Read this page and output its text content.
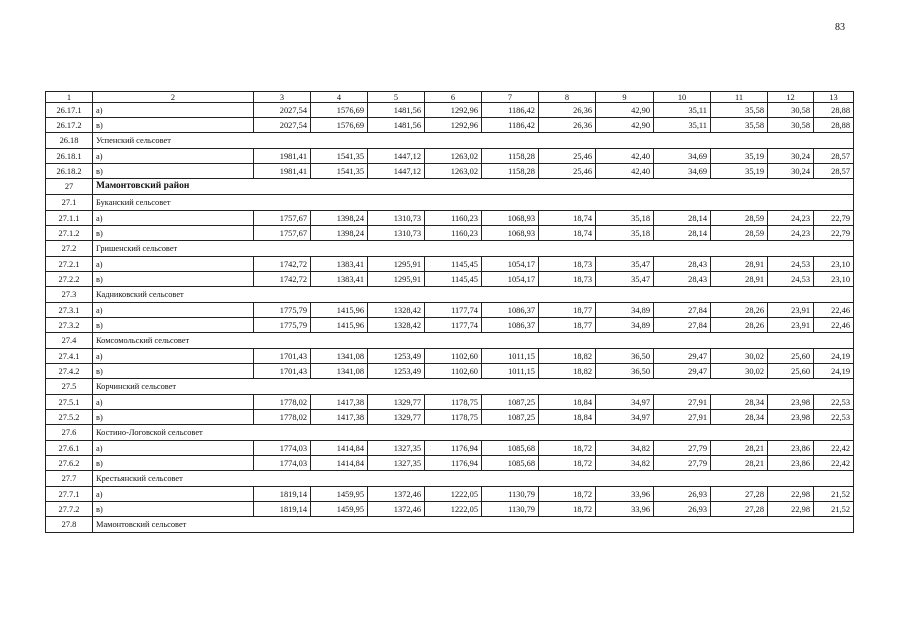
83
1	2	3	4	5	6	7	8	9	10	11	12	13
26.17.1	а)	2027,54	1576,69	1481,56	1292,96	1186,42	26,36	42,90	35,11	35,58	30,58	28,88
26.17.2	в)	2027,54	1576,69	1481,56	1292,96	1186,42	26,36	42,90	35,11	35,58	30,58	28,88
26.18	Успенский сельсовет											
26.18.1	а)	1981,41	1541,35	1447,12	1263,02	1158,28	25,46	42,40	34,69	35,19	30,24	28,57
26.18.2	в)	1981,41	1541,35	1447,12	1263,02	1158,28	25,46	42,40	34,69	35,19	30,24	28,57
27	Мамонтовский район											
27.1	Буканский сельсовет											
27.1.1	а)	1757,67	1398,24	1310,73	1160,23	1068,93	18,74	35,18	28,14	28,59	24,23	22,79
27.1.2	в)	1757,67	1398,24	1310,73	1160,23	1068,93	18,74	35,18	28,14	28,59	24,23	22,79
27.2	Гришенский сельсовет											
27.2.1	а)	1742,72	1383,41	1295,91	1145,45	1054,17	18,73	35,47	28,43	28,91	24,53	23,10
27.2.2	в)	1742,72	1383,41	1295,91	1145,45	1054,17	18,73	35,47	28,43	28,91	24,53	23,10
27.3	Кадниковский сельсовет											
27.3.1	а)	1775,79	1415,96	1328,42	1177,74	1086,37	18,77	34,89	27,84	28,26	23,91	22,46
27.3.2	в)	1775,79	1415,96	1328,42	1177,74	1086,37	18,77	34,89	27,84	28,26	23,91	22,46
27.4	Комсомольский сельсовет											
27.4.1	а)	1701,43	1341,08	1253,49	1102,60	1011,15	18,82	36,50	29,47	30,02	25,60	24,19
27.4.2	в)	1701,43	1341,08	1253,49	1102,60	1011,15	18,82	36,50	29,47	30,02	25,60	24,19
27.5	Корчинский сельсовет											
27.5.1	а)	1778,02	1417,38	1329,77	1178,75	1087,25	18,84	34,97	27,91	28,34	23,98	22,53
27.5.2	в)	1778,02	1417,38	1329,77	1178,75	1087,25	18,84	34,97	27,91	28,34	23,98	22,53
27.6	Костино-Логовской сельсовет											
27.6.1	а)	1774,03	1414,84	1327,35	1176,94	1085,68	18,72	34,82	27,79	28,21	23,86	22,42
27.6.2	в)	1774,03	1414,84	1327,35	1176,94	1085,68	18,72	34,82	27,79	28,21	23,86	22,42
27.7	Крестьянский сельсовет											
27.7.1	а)	1819,14	1459,95	1372,46	1222,05	1130,79	18,72	33,96	26,93	27,28	22,98	21,52
27.7.2	в)	1819,14	1459,95	1372,46	1222,05	1130,79	18,72	33,96	26,93	27,28	22,98	21,52
27.8	Мамонтовский сельсовет											
